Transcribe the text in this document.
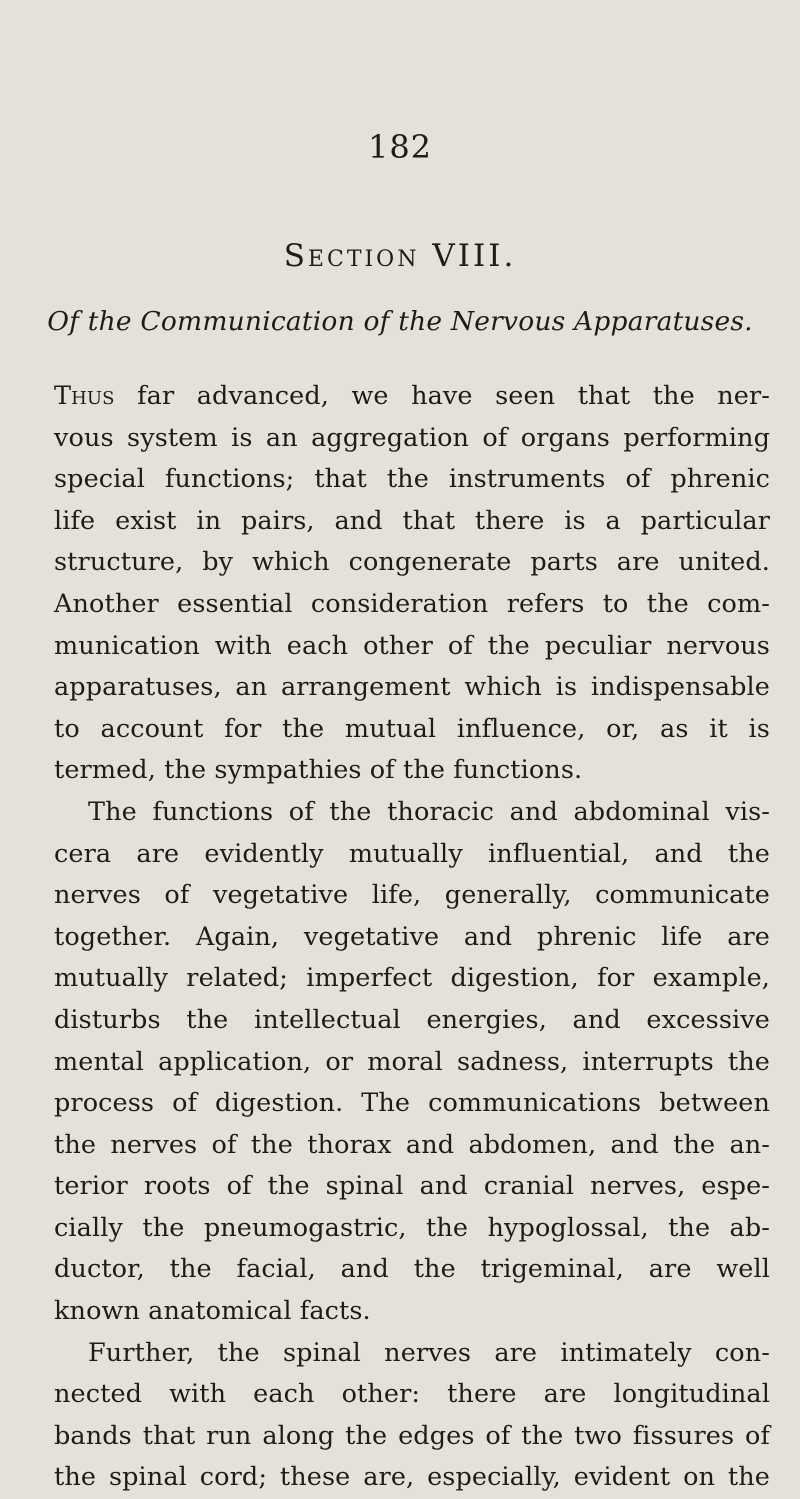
182
Section VIII.
Of the Communication of the Nervous Apparatuses.
Thus far advanced, we have seen that the ner-
vous system is an aggregation of organs performing
special functions; that the instruments of phrenic
life exist in pairs, and that there is a particular
structure, by which congenerate parts are united.
Another essential consideration refers to the com-
munication with each other of the peculiar nervous
apparatuses, an arrangement which is indispensable
to account for the mutual influence, or, as it is
termed, the sympathies of the functions.
The functions of the thoracic and abdominal vis-
cera are evidently mutually influential, and the
nerves of vegetative life, generally, communicate
together. Again, vegetative and phrenic life are
mutually related; imperfect digestion, for example,
disturbs the intellectual energies, and excessive
mental application, or moral sadness, interrupts the
process of digestion. The communications between
the nerves of the thorax and abdomen, and the an-
terior roots of the spinal and cranial nerves, espe-
cially the pneumogastric, the hypoglossal, the ab-
ductor, the facial, and the trigeminal, are well
known anatomical facts.
Further, the spinal nerves are intimately con-
nected with each other: there are longitudinal
bands that run along the edges of the two fissures of
the spinal cord; these are, especially, evident on the
